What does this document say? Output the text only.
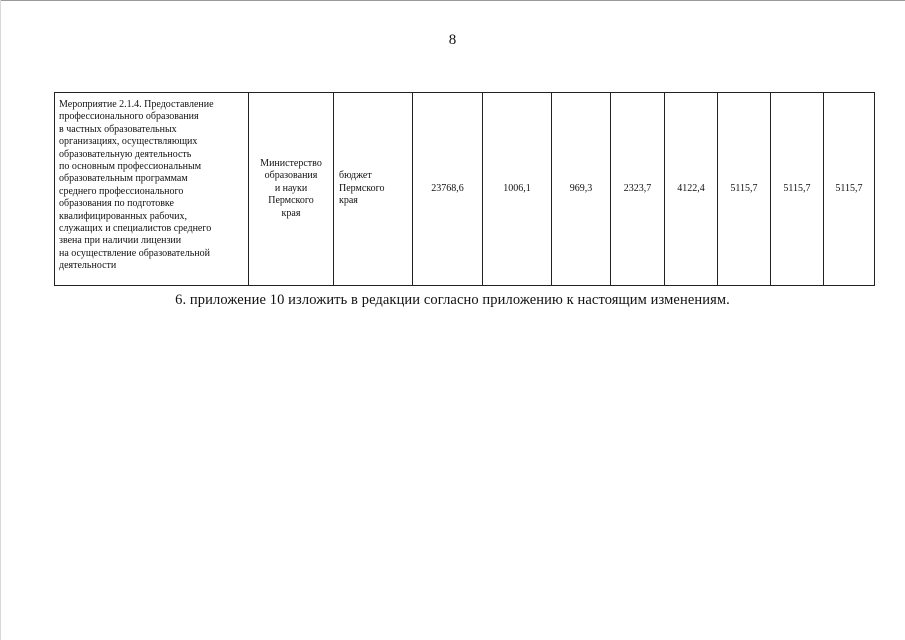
8
Мероприятие 2.1.4. Предоставление
профессионального образования
в частных образовательных
организациях, осуществляющих
образовательную деятельность
по основным профессиональным
образовательным программам
среднего профессионального
образования по подготовке
квалифицированных рабочих,
служащих и специалистов среднего
звена при наличии лицензии
на осуществление образовательной
деятельности	Министерство
образования
и науки
Пермского
края	бюджет
Пермского
края	23768,6	1006,1	969,3	2323,7	4122,4	5115,7	5115,7	5115,7
6. приложение 10 изложить в редакции согласно приложению к настоящим изменениям.
